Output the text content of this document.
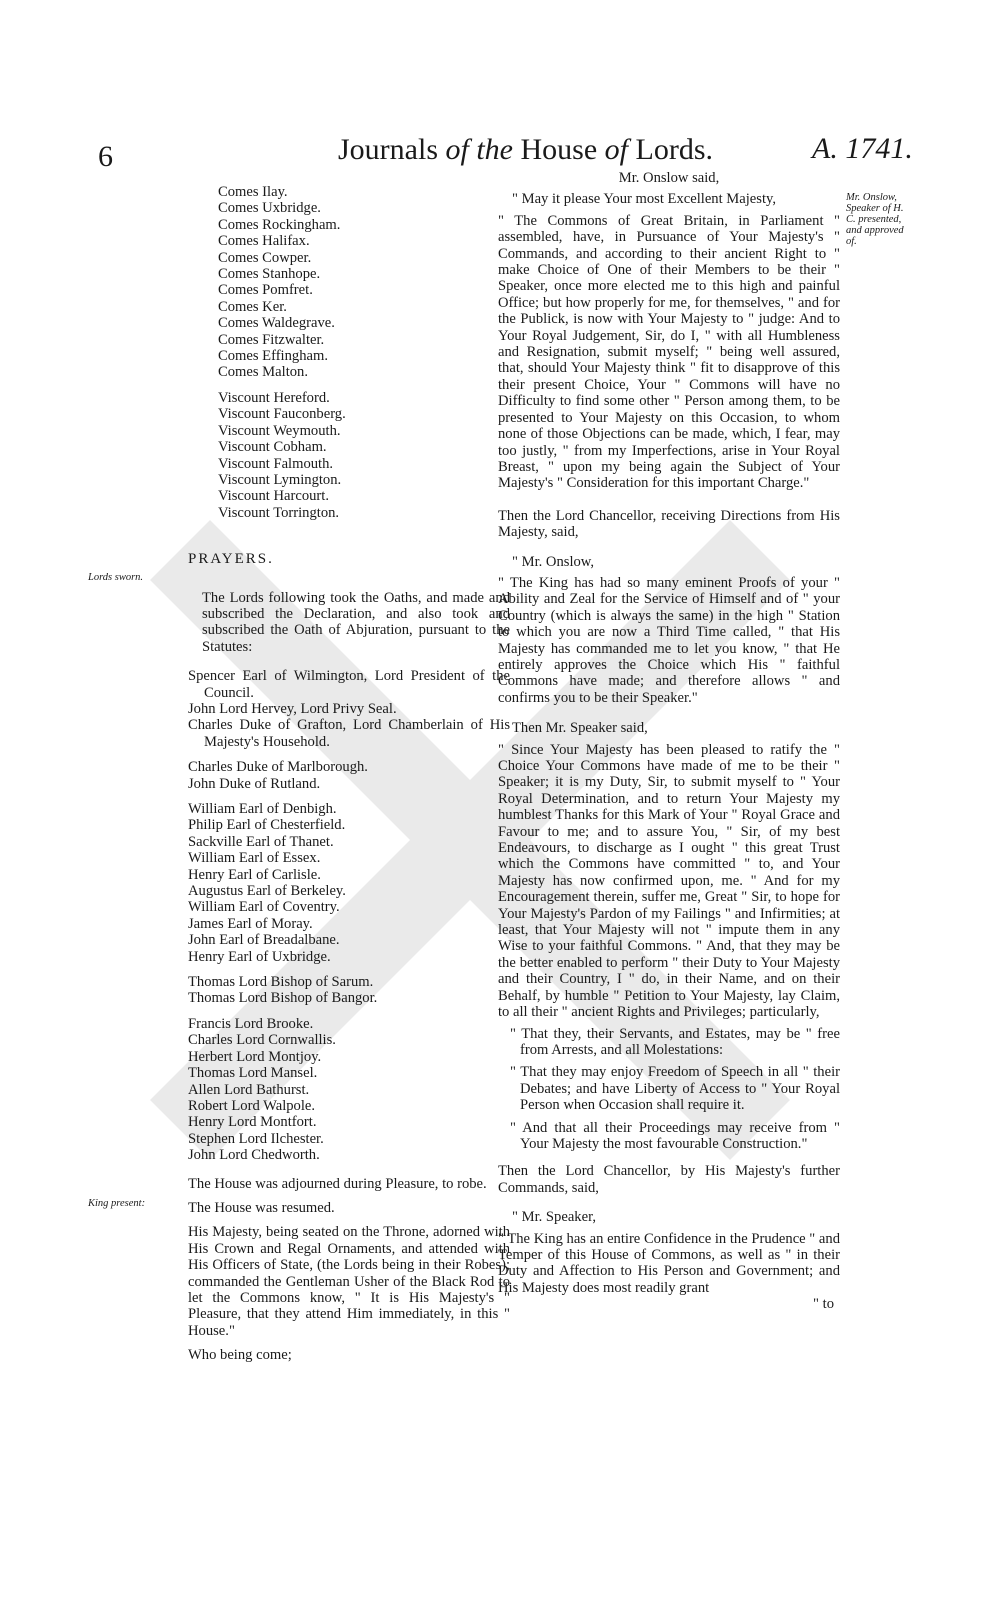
6	Journals of the House of Lords.	A. 1741.
Lords sworn.
King present:
Mr. Onslow, Speaker of H. C. presented, and approved of.
Comes Ilay.
Comes Uxbridge.
Comes Rockingham.
Comes Halifax.
Comes Cowper.
Comes Stanhope.
Comes Pomfret.
Comes Ker.
Comes Waldegrave.
Comes Fitzwalter.
Comes Effingham.
Comes Malton.
Viscount Hereford.
Viscount Fauconberg.
Viscount Weymouth.
Viscount Cobham.
Viscount Falmouth.
Viscount Lymington.
Viscount Harcourt.
Viscount Torrington.
PRAYERS.

The Lords following took the Oaths, and made and subscribed the Declaration, and also took and subscribed the Oath of Abjuration, pursuant to the Statutes:

Spencer Earl of Wilmington, Lord President of the Council.

John Lord Hervey, Lord Privy Seal.

Charles Duke of Grafton, Lord Chamberlain of His Majesty's Household.

Charles Duke of Marlborough.
John Duke of Rutland.
William Earl of Denbigh.
Philip Earl of Chesterfield.
Sackville Earl of Thanet.
William Earl of Essex.
Henry Earl of Carlisle.
Augustus Earl of Berkeley.
William Earl of Coventry.
James Earl of Moray.
John Earl of Breadalbane.
Henry Earl of Uxbridge.
Thomas Lord Bishop of Sarum.
Thomas Lord Bishop of Bangor.
Francis Lord Brooke.
Charles Lord Cornwallis.
Herbert Lord Montjoy.
Thomas Lord Mansel.
Allen Lord Bathurst.
Robert Lord Walpole.
Henry Lord Montfort.
Stephen Lord Ilchester.
John Lord Chedworth.

The House was adjourned during Pleasure, to robe.

The House was resumed.

His Majesty, being seated on the Throne, adorned with His Crown and Regal Ornaments, and attended with His Officers of State, (the Lords being in their Robes); commanded the Gentleman Usher of the Black Rod to let the Commons know, " It is His Majesty's " Pleasure, that they attend Him immediately, in this " House."

Who being come;

Mr. Onslow said,
" May it please Your most Excellent Majesty,

" The Commons of Great Britain, in Parliament " assembled, have, in Pursuance of Your Majesty's " Commands, and according to their ancient Right to " make Choice of One of their Members to be their " Speaker, once more elected me to this high and painful Office; but how properly for me, for themselves, " and for the Publick, is now with Your Majesty to " judge: And to Your Royal Judgement, Sir, do I, " with all Humbleness and Resignation, submit myself; " being well assured, that, should Your Majesty think " fit to disapprove of this their present Choice, Your " Commons will have no Difficulty to find some other " Person among them, to be presented to Your Majesty on this Occasion, to whom none of those Objections can be made, which, I fear, may too justly, " from my Imperfections, arise in Your Royal Breast, " upon my being again the Subject of Your Majesty's " Consideration for this important Charge."

Then the Lord Chancellor, receiving Directions from His Majesty, said,

" Mr. Onslow,

" The King has had so many eminent Proofs of your " Ability and Zeal for the Service of Himself and of " your Country (which is always the same) in the high " Station to which you are now a Third Time called, " that His Majesty has commanded me to let you know, " that He entirely approves the Choice which His " faithful Commons have made; and therefore allows " and confirms you to be their Speaker."

Then Mr. Speaker said,

" Since Your Majesty has been pleased to ratify the " Choice Your Commons have made of me to be their " Speaker; it is my Duty, Sir, to submit myself to " Your Royal Determination, and to return Your Majesty my humblest Thanks for this Mark of Your " Royal Grace and Favour to me; and to assure You, " Sir, of my best Endeavours, to discharge as I ought " this great Trust which the Commons have committed " to, and Your Majesty has now confirmed upon, me. " And for my Encouragement therein, suffer me, Great " Sir, to hope for Your Majesty's Pardon of my Failings " and Infirmities; at least, that Your Majesty will not " impute them in any Wise to your faithful Commons. " And, that they may be the better enabled to perform " their Duty to Your Majesty and their Country, I " do, in their Name, and on their Behalf, by humble " Petition to Your Majesty, lay Claim, to all their " ancient Rights and Privileges; particularly,

" That they, their Servants, and Estates, may be " free from Arrests, and all Molestations:

" That they may enjoy Freedom of Speech in all " their Debates; and have Liberty of Access to " Your Royal Person when Occasion shall require it.

" And that all their Proceedings may receive from " Your Majesty the most favourable Construction."

Then the Lord Chancellor, by His Majesty's further Commands, said,

" Mr. Speaker,

" The King has an entire Confidence in the Prudence " and Temper of this House of Commons, as well as " in their Duty and Affection to His Person and Government; and His Majesty does most readily grant

" to
